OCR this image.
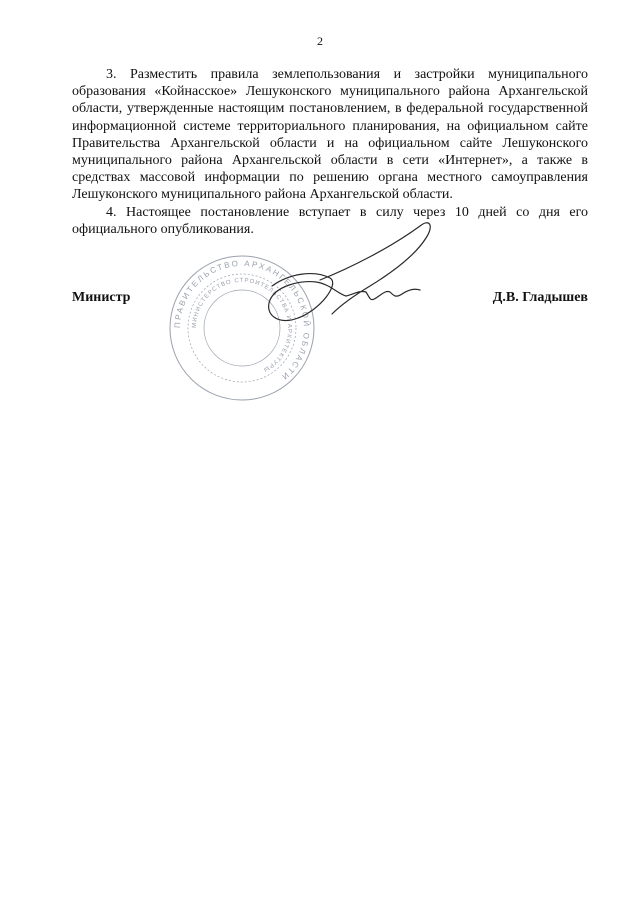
2

3. Разместить правила землепользования и застройки муниципального образования «Койнасское» Лешуконского муниципального района Архангельской области, утвержденные настоящим постановлением, в федеральной государственной информационной системе территориального планирования, на официальном сайте Правительства Архангельской области и на официальном сайте Лешуконского муниципального района Архангельской области в сети «Интернет», а также в средствах массовой информации по решению органа местного самоуправления Лешуконского муниципального района Архангельской области.

4. Настоящее постановление вступает в силу через 10 дней со дня его официального опубликования.

ПРАВИТЕЛЬСТВО АРХАНГЕЛЬСКОЙ ОБЛАСТИ
МИНИСТЕРСТВО СТРОИТЕЛЬСТВА И АРХИТЕКТУРЫ
Министр	Д.В. Гладышев
